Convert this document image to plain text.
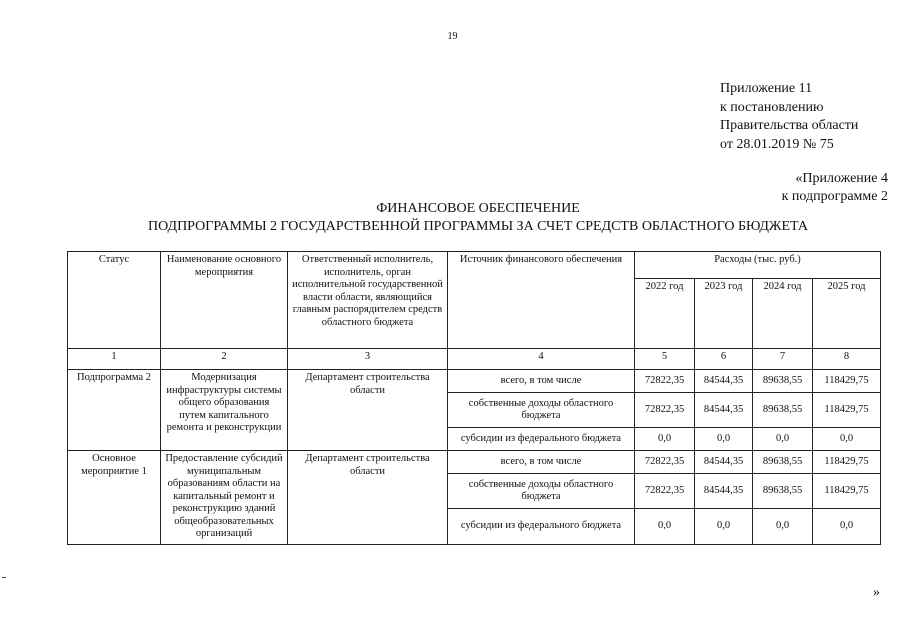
19
Приложение 11
к постановлению
Правительства области
от 28.01.2019 № 75
«Приложение 4
к подпрограмме 2
ФИНАНСОВОЕ ОБЕСПЕЧЕНИЕ
ПОДПРОГРАММЫ 2 ГОСУДАРСТВЕННОЙ ПРОГРАММЫ ЗА СЧЕТ СРЕДСТВ ОБЛАСТНОГО БЮДЖЕТА
Статус	Наименование основного мероприятия	Ответственный исполнитель, исполнитель, орган исполнительной государственной власти области, являющийся главным распорядителем средств областного бюджета	Источник финансового обеспечения	Расходы (тыс. руб.)			
				2022 год	2023 год	2024 год	2025 год
1	2	3	4	5	6	7	8
Подпрограмма 2	Модернизация инфраструктуры системы общего образования путем капитального ремонта и реконструкции	Департамент строительства области	всего, в том числе	72822,35	84544,35	89638,55	118429,75
			собственные доходы областного бюджета	72822,35	84544,35	89638,55	118429,75
			субсидии из федерального бюджета	0,0	0,0	0,0	0,0
Основное мероприятие 1	Предоставление субсидий муниципальным образованиям области на капитальный ремонт и реконструкцию зданий общеобразовательных организаций	Департамент строительства области	всего, в том числе	72822,35	84544,35	89638,55	118429,75
			собственные доходы областного бюджета	72822,35	84544,35	89638,55	118429,75
			субсидии из федерального бюджета	0,0	0,0	0,0	0,0
»
